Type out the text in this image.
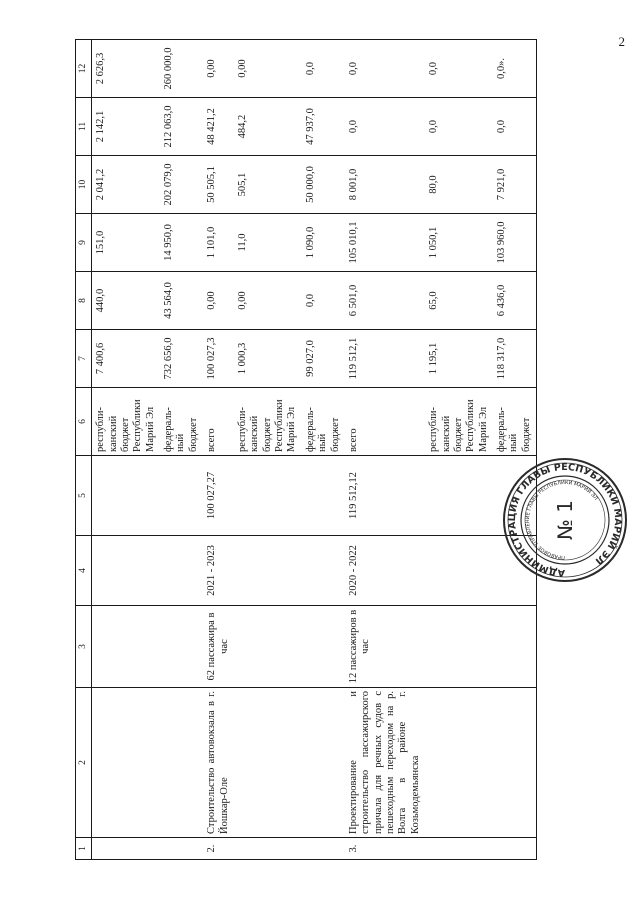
2
1	2	3	4	5	6	7	8	9	10	11	12
					республи-
канский
бюджет
Республики
Марий Эл	7 400,6	440,0	151,0	2 041,2	2 142,1	2 626,3
					федераль-
ный
бюджет	732 656,0	43 564,0	14 950,0	202 079,0	212 063,0	260 000,0
2.	Строительство автовокзала в г. Йошкар-Оле	62 пассажира в час	2021 - 2023	100 027,27	всего	100 027,3	0,00	1 101,0	50 505,1	48 421,2	0,00
					республи-
канский
бюджет
Республики
Марий Эл	1 000,3	0,00	11,0	505,1	484,2	0,00
					федераль-
ный
бюджет	99 027,0	0,0	1 090,0	50 000,0	47 937,0	0,0
3.	Проектирование и строительство пассажирского причала для речных судов с пешеходным переходом на р. Волга в районе г. Козьмодемьянска	12 пассажиров в час	2020 - 2022	119 512,12	всего	119 512,1	6 501,0	105 010,1	8 001,0	0,0	0,0
					республи-
канский
бюджет
Республики
Марий Эл	1 195,1	65,0	1 050,1	80,0	0,0	0,0
					федераль-
ный
бюджет	118 317,0	6 436,0	103 960,0	7 921,0	0,0	0,0».
АДМИНИСТРАЦИЯ ГЛАВЫ РЕСПУБЛИКИ МАРИЙ ЭЛ
ПРАВОВОЕ УПРАВЛЕНИЕ ГЛАВЫ РЕСПУБЛИКИ МАРИЙ ЭЛ
№ 1
